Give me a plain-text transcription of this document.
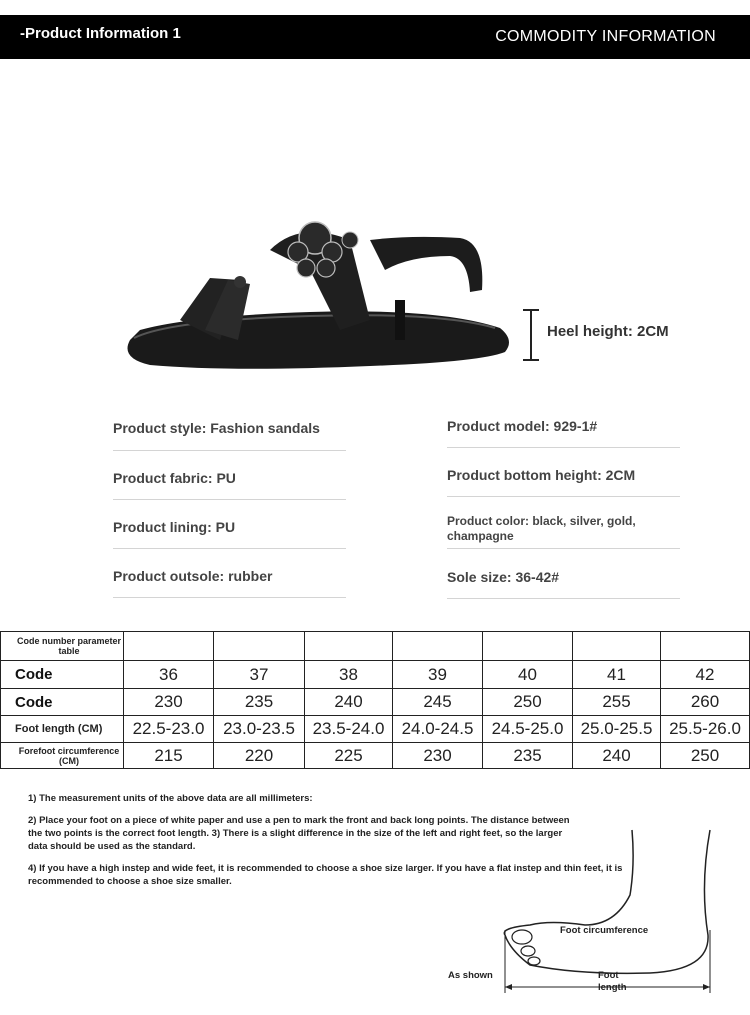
-Product Information 1	COMMODITY INFORMATION
Heel height: 2CM
Product style: Fashion sandals
Product fabric: PU
Product lining: PU
Product outsole: rubber
Product model: 929-1#
Product bottom height: 2CM
Product color: black, silver, gold, champagne
Sole size: 36-42#
Code number parameter table							
Code	36	37	38	39	40	41	42
Code	230	235	240	245	250	255	260
Foot length (CM)	22.5-23.0	23.0-23.5	23.5-24.0	24.0-24.5	24.5-25.0	25.0-25.5	25.5-26.0
Forefoot circumference (CM)	215	220	225	230	235	240	250

1) The measurement units of the above data are all millimeters:

2) Place your foot on a piece of white paper and use a pen to mark the front and back long points. The distance between the two points is the correct foot length. 3) There is a slight difference in the size of the left and right feet, so the larger data should be used as the standard.

4) If you have a high instep and wide feet, it is recommended to choose a shoe size larger. If you have a flat instep and thin feet, it is recommended to choose a shoe size smaller.

Foot circumference
As shown	Foot length
